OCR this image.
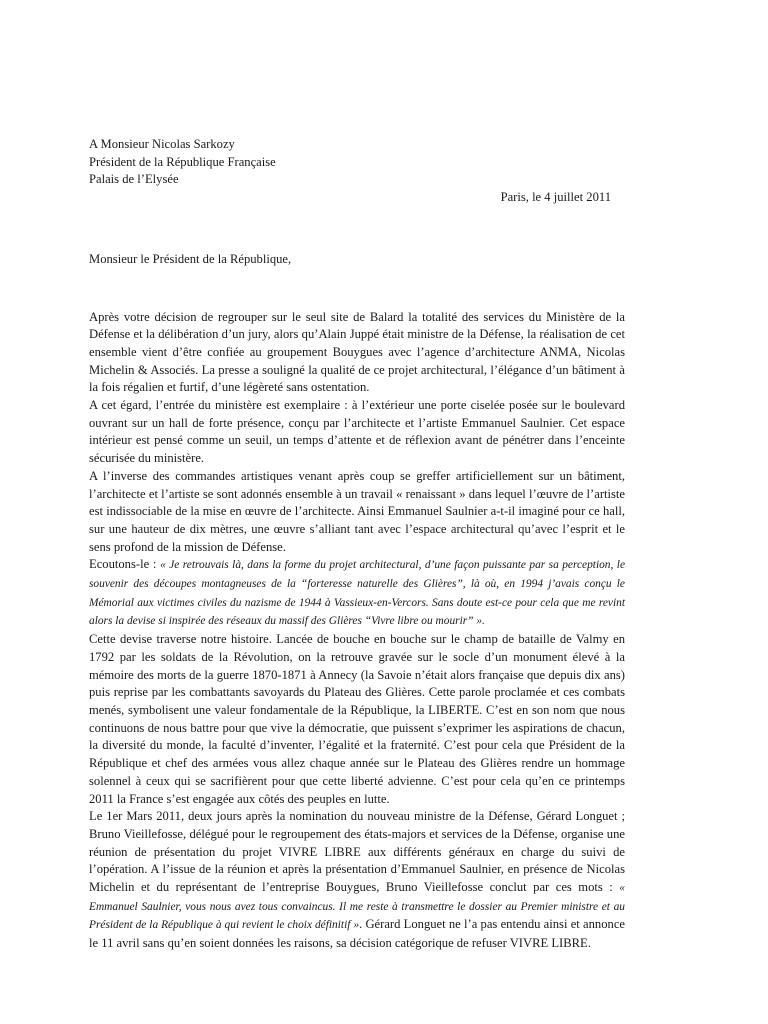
A Monsieur Nicolas Sarkozy
Président de la République Française
Palais de l’Elysée

Paris, le 4 juillet 2011

Monsieur le Président de la République,

Après votre décision de regrouper sur le seul site de Balard la totalité des services du Ministère de la Défense et la délibération d’un jury, alors qu’Alain Juppé était ministre de la Défense, la réalisation de cet ensemble vient d’être confiée au groupement Bouygues avec l’agence d’architecture ANMA, Nicolas Michelin & Associés. La presse a souligné la qualité de ce projet architectural, l’élégance d’un bâtiment à la fois régalien et furtif, d’une légèreté sans ostentation.

A cet égard, l’entrée du ministère est exemplaire : à l’extérieur une porte ciselée posée sur le boulevard ouvrant sur un hall de forte présence, conçu par l’architecte et l’artiste Emmanuel Saulnier. Cet espace intérieur est pensé comme un seuil, un temps d’attente et de réflexion avant de pénétrer dans l’enceinte sécurisée du ministère.

A l’inverse des commandes artistiques venant après coup se greffer artificiellement sur un bâtiment, l’architecte et l’artiste se sont adonnés ensemble à un travail « renaissant » dans lequel l’œuvre de l’artiste est indissociable de la mise en œuvre de l’architecte. Ainsi Emmanuel Saulnier a-t-il imaginé pour ce hall, sur une hauteur de dix mètres, une œuvre s’alliant tant avec l’espace architectural qu’avec l’esprit et le sens profond de la mission de Défense.

Ecoutons-le : « Je retrouvais là, dans la forme du projet architectural, d’une façon puissante par sa perception, le souvenir des découpes montagneuses de la “forteresse naturelle des Glières”, là où, en 1994 j’avais conçu le Mémorial aux victimes civiles du nazisme de 1944 à Vassieux-en-Vercors. Sans doute est-ce pour cela que me revint alors la devise si inspirée des réseaux du massif des Glières “Vivre libre ou mourir” ».

Cette devise traverse notre histoire. Lancée de bouche en bouche sur le champ de bataille de Valmy en 1792 par les soldats de la Révolution, on la retrouve gravée sur le socle d’un monument élevé à la mémoire des morts de la guerre 1870-1871 à Annecy (la Savoie n’était alors française que depuis dix ans) puis reprise par les combattants savoyards du Plateau des Glières. Cette parole proclamée et ces combats menés, symbolisent une valeur fondamentale de la République, la LIBERTE. C’est en son nom que nous continuons de nous battre pour que vive la démocratie, que puissent s’exprimer les aspirations de chacun, la diversité du monde, la faculté d’inventer, l’égalité et la fraternité. C’est pour cela que Président de la République et chef des armées vous allez chaque année sur le Plateau des Glières rendre un hommage solennel à ceux qui se sacrifièrent pour que cette liberté advienne. C’est pour cela qu’en ce printemps 2011 la France s’est engagée aux côtés des peuples en lutte.

Le 1er Mars 2011, deux jours après la nomination du nouveau ministre de la Défense, Gérard Longuet ; Bruno Vieillefosse, délégué pour le regroupement des états-majors et services de la Défense, organise une réunion de présentation du projet VIVRE LIBRE aux différents généraux en charge du suivi de l’opération. A l’issue de la réunion et après la présentation d’Emmanuel Saulnier, en présence de Nicolas Michelin et du représentant de l’entreprise Bouygues, Bruno Vieillefosse conclut par ces mots : « Emmanuel Saulnier, vous nous avez tous convaincus. Il me reste à transmettre le dossier au Premier ministre et au Président de la République à qui revient le choix définitif ». Gérard Longuet ne l’a pas entendu ainsi et annonce le 11 avril sans qu’en soient données les raisons, sa décision catégorique de refuser VIVRE LIBRE.
